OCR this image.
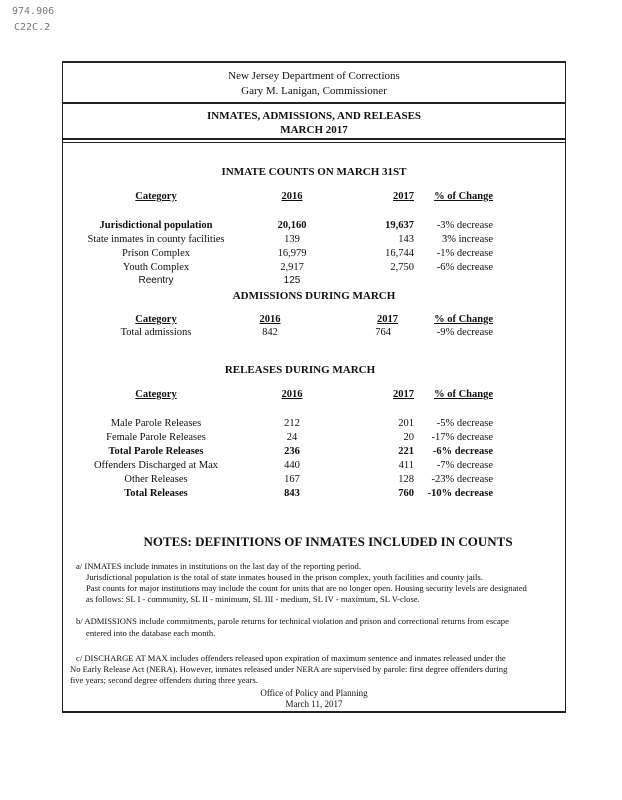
974.906
C22C.2
New Jersey Department of Corrections
Gary M. Lanigan, Commissioner
INMATES, ADMISSIONS, AND RELEASES
MARCH 2017
INMATE COUNTS ON MARCH 31ST
Category	2016	2017	% of Change
Jurisdictional population	20,160	19,637	-3% decrease
State inmates in county facilities	139	143	3% increase
Prison Complex	16,979	16,744	-1% decrease
Youth Complex	2,917	2,750	-6% decrease
Reentry	125
ADMISSIONS DURING MARCH
Category	2016	2017	% of Change
Total admissions	842	764	-9% decrease
RELEASES DURING MARCH
Category	2016	2017	% of Change
Male Parole Releases	212	201	-5% decrease
Female Parole Releases	24	20	-17% decrease
Total Parole Releases	236	221	-6% decrease
Offenders Discharged at Max	440	411	-7% decrease
Other Releases	167	128	-23% decrease
Total Releases	843	760	-10% decrease
NOTES: DEFINITIONS OF INMATES INCLUDED IN COUNTS
a/ INMATES include inmates in institutions on the last day of the reporting period.
Jurisdictional population is the total of state inmates housed in the prison complex, youth facilities and county jails.
Past counts for major institutions may include the count for units that are no longer open. Housing security levels are designated
as follows: SL I - community, SL II - minimum, SL III - medium, SL IV - maximum, SL V-close.
b/ ADMISSIONS include commitments, parole returns for technical violation and prison and correctional returns from escape
entered into the database each month.
c/ DISCHARGE AT MAX includes offenders released upon expiration of maximum sentence and inmates released under the
No Early Release Act (NERA). However, inmates released under NERA are supervised by parole: first degree offenders during
five years; second degree offenders during three years.
Office of Policy and Planning
March 11, 2017
